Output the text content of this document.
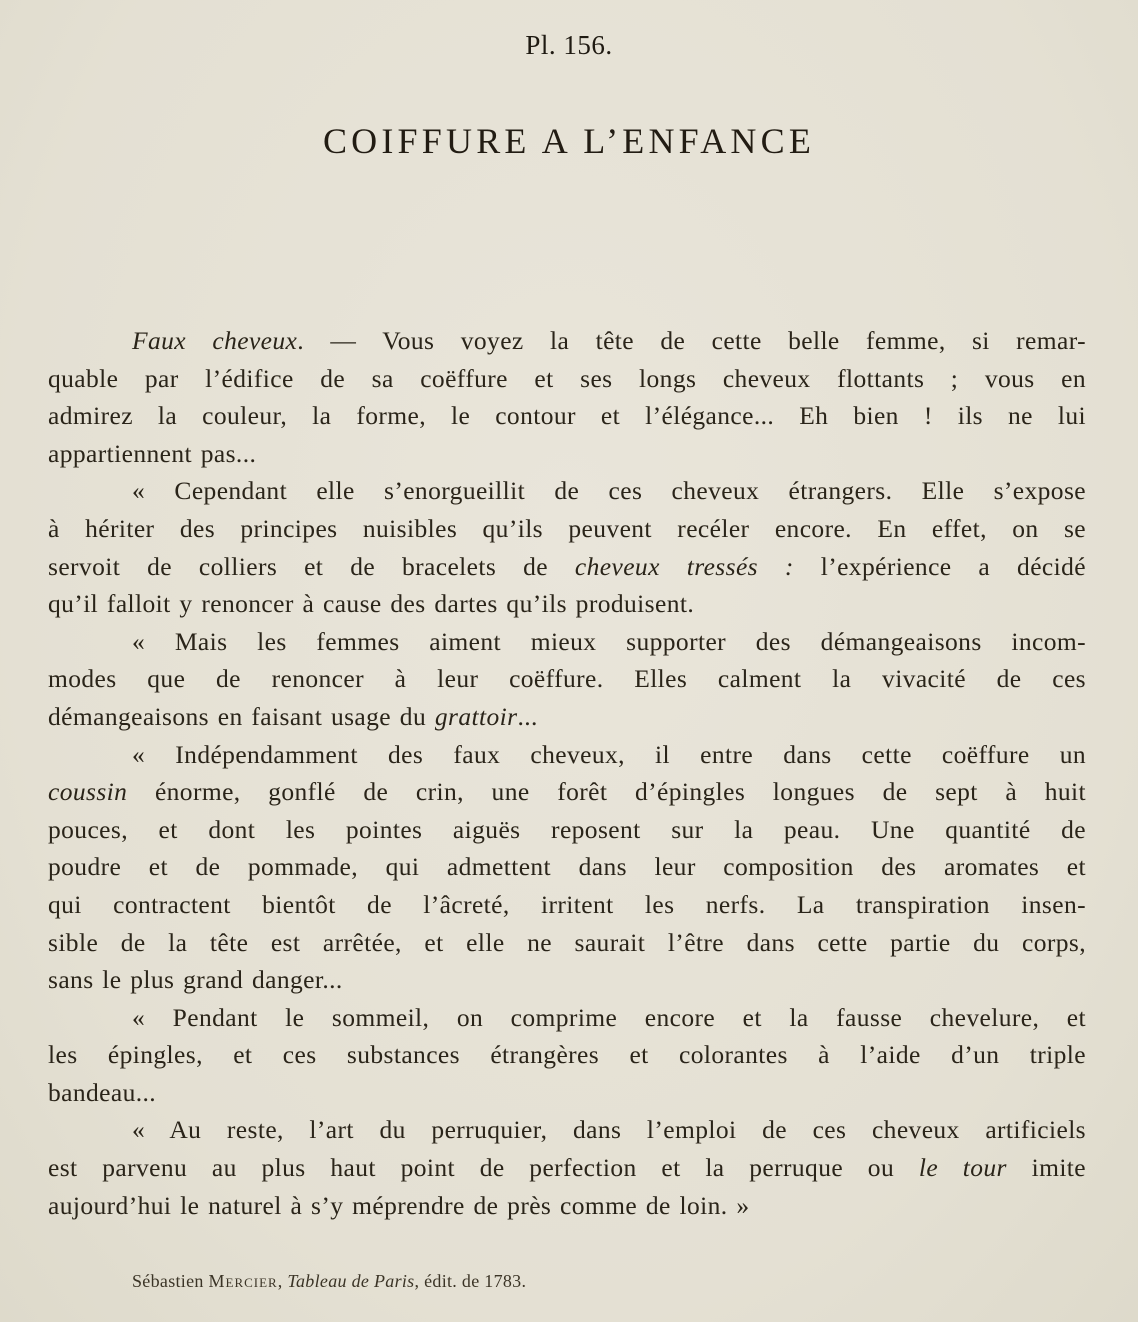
Pl. 156.
COIFFURE A L’ENFANCE
Faux cheveux. — Vous voyez la tête de cette belle femme, si remar-
quable par l’édifice de sa coëffure et ses longs cheveux flottants ; vous en
admirez la couleur, la forme, le contour et l’élégance... Eh bien ! ils ne lui
appartiennent pas...
« Cependant elle s’enorgueillit de ces cheveux étrangers. Elle s’expose
à hériter des principes nuisibles qu’ils peuvent recéler encore. En effet, on se
servoit de colliers et de bracelets de cheveux tressés : l’expérience a décidé
qu’il falloit y renoncer à cause des dartes qu’ils produisent.
« Mais les femmes aiment mieux supporter des démangeaisons incom-
modes que de renoncer à leur coëffure. Elles calment la vivacité de ces
démangeaisons en faisant usage du grattoir...
« Indépendamment des faux cheveux, il entre dans cette coëffure un
coussin énorme, gonflé de crin, une forêt d’épingles longues de sept à huit
pouces, et dont les pointes aiguës reposent sur la peau. Une quantité de
poudre et de pommade, qui admettent dans leur composition des aromates et
qui contractent bientôt de l’âcreté, irritent les nerfs. La transpiration insen-
sible de la tête est arrêtée, et elle ne saurait l’être dans cette partie du corps,
sans le plus grand danger...
« Pendant le sommeil, on comprime encore et la fausse chevelure, et
les épingles, et ces substances étrangères et colorantes à l’aide d’un triple
bandeau...
« Au reste, l’art du perruquier, dans l’emploi de ces cheveux artificiels
est parvenu au plus haut point de perfection et la perruque ou le tour imite
aujourd’hui le naturel à s’y méprendre de près comme de loin. »
Sébastien Mercier, Tableau de Paris, édit. de 1783.
